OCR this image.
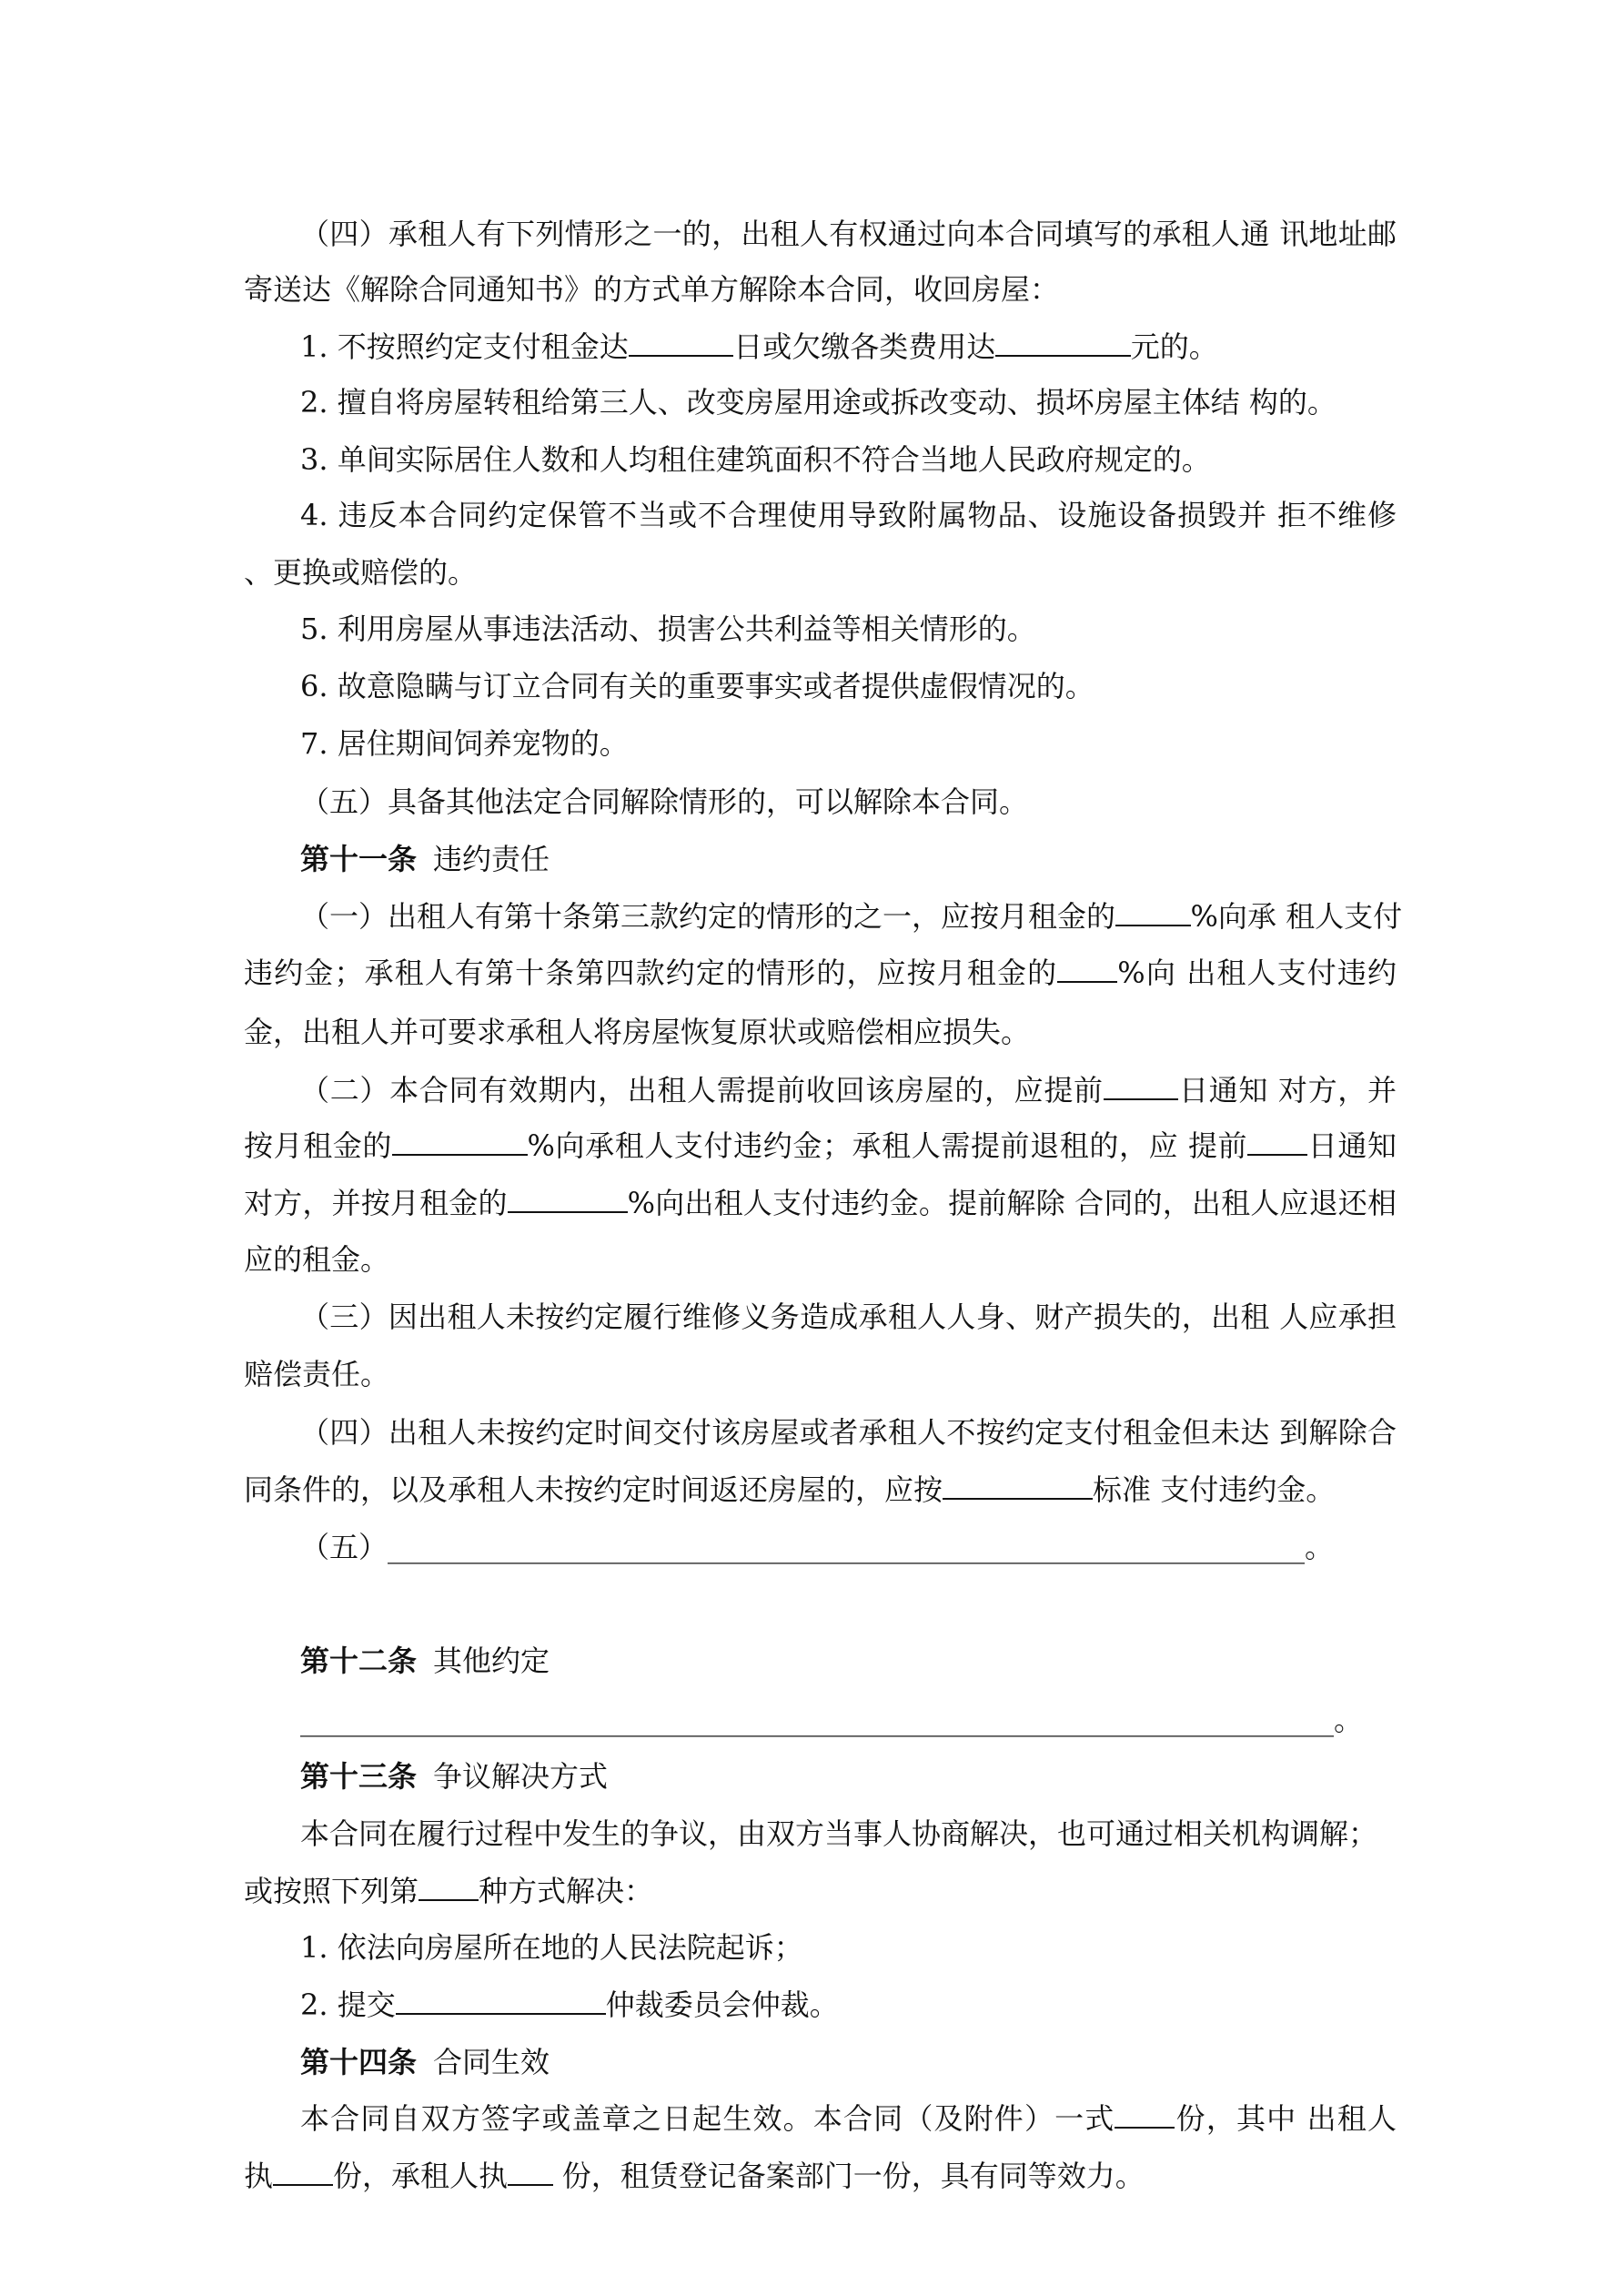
（四）承租人有下列情形之一的，出租人有权通过向本合同填写的承租人通 讯地址邮
寄送达《解除合同通知书》的方式单方解除本合同，收回房屋：
1. 不按照约定支付租金达	日或欠缴各类费用达	元的。
2. 擅自将房屋转租给第三人、改变房屋用途或拆改变动、损坏房屋主体结 构的。
3. 单间实际居住人数和人均租住建筑面积不符合当地人民政府规定的。
4. 违反本合同约定保管不当或不合理使用导致附属物品、设施设备损毁并 拒不维修
、更换或赔偿的。
5. 利用房屋从事违法活动、损害公共利益等相关情形的。
6. 故意隐瞒与订立合同有关的重要事实或者提供虚假情况的。
7. 居住期间饲养宠物的。
（五）具备其他法定合同解除情形的，可以解除本合同。
第十一条 违约责任
（一）出租人有第十条第三款约定的情形的之一，应按月租金的	%向承 租人支付
违约金；承租人有第十条第四款约定的情形的，应按月租金的 %向 出租人支付违约
金，出租人并可要求承租人将房屋恢复原状或赔偿相应损失。
（二）本合同有效期内，出租人需提前收回该房屋的，应提前	日通知 对方，并
按月租金的	%向承租人支付违约金；承租人需提前退租的，应 提前 日通知
对方，并按月租金的	%向出租人支付违约金。提前解除 合同的，出租人应退还相
应的租金。
（三）因出租人未按约定履行维修义务造成承租人人身、财产损失的，出租 人应承担
赔偿责任。
（四）出租人未按约定时间交付该房屋或者承租人不按约定支付租金但未达 到解除合
同条件的，以及承租人未按约定时间返还房屋的，应按	标准 支付违约金。
（五）_______________________________________________________________。
第十二条 其他约定
_______________________________________________________________________。
第十三条 争议解决方式
本合同在履行过程中发生的争议，由双方当事人协商解决，也可通过相关机构调解；
或按照下列第 种方式解决：
1. 依法向房屋所在地的人民法院起诉；
2. 提交	仲裁委员会仲裁。
第十四条 合同生效
本合同自双方签字或盖章之日起生效。本合同（及附件）一式 份，其中 出租人
执 份，承租人执 份，租赁登记备案部门一份，具有同等效力。
